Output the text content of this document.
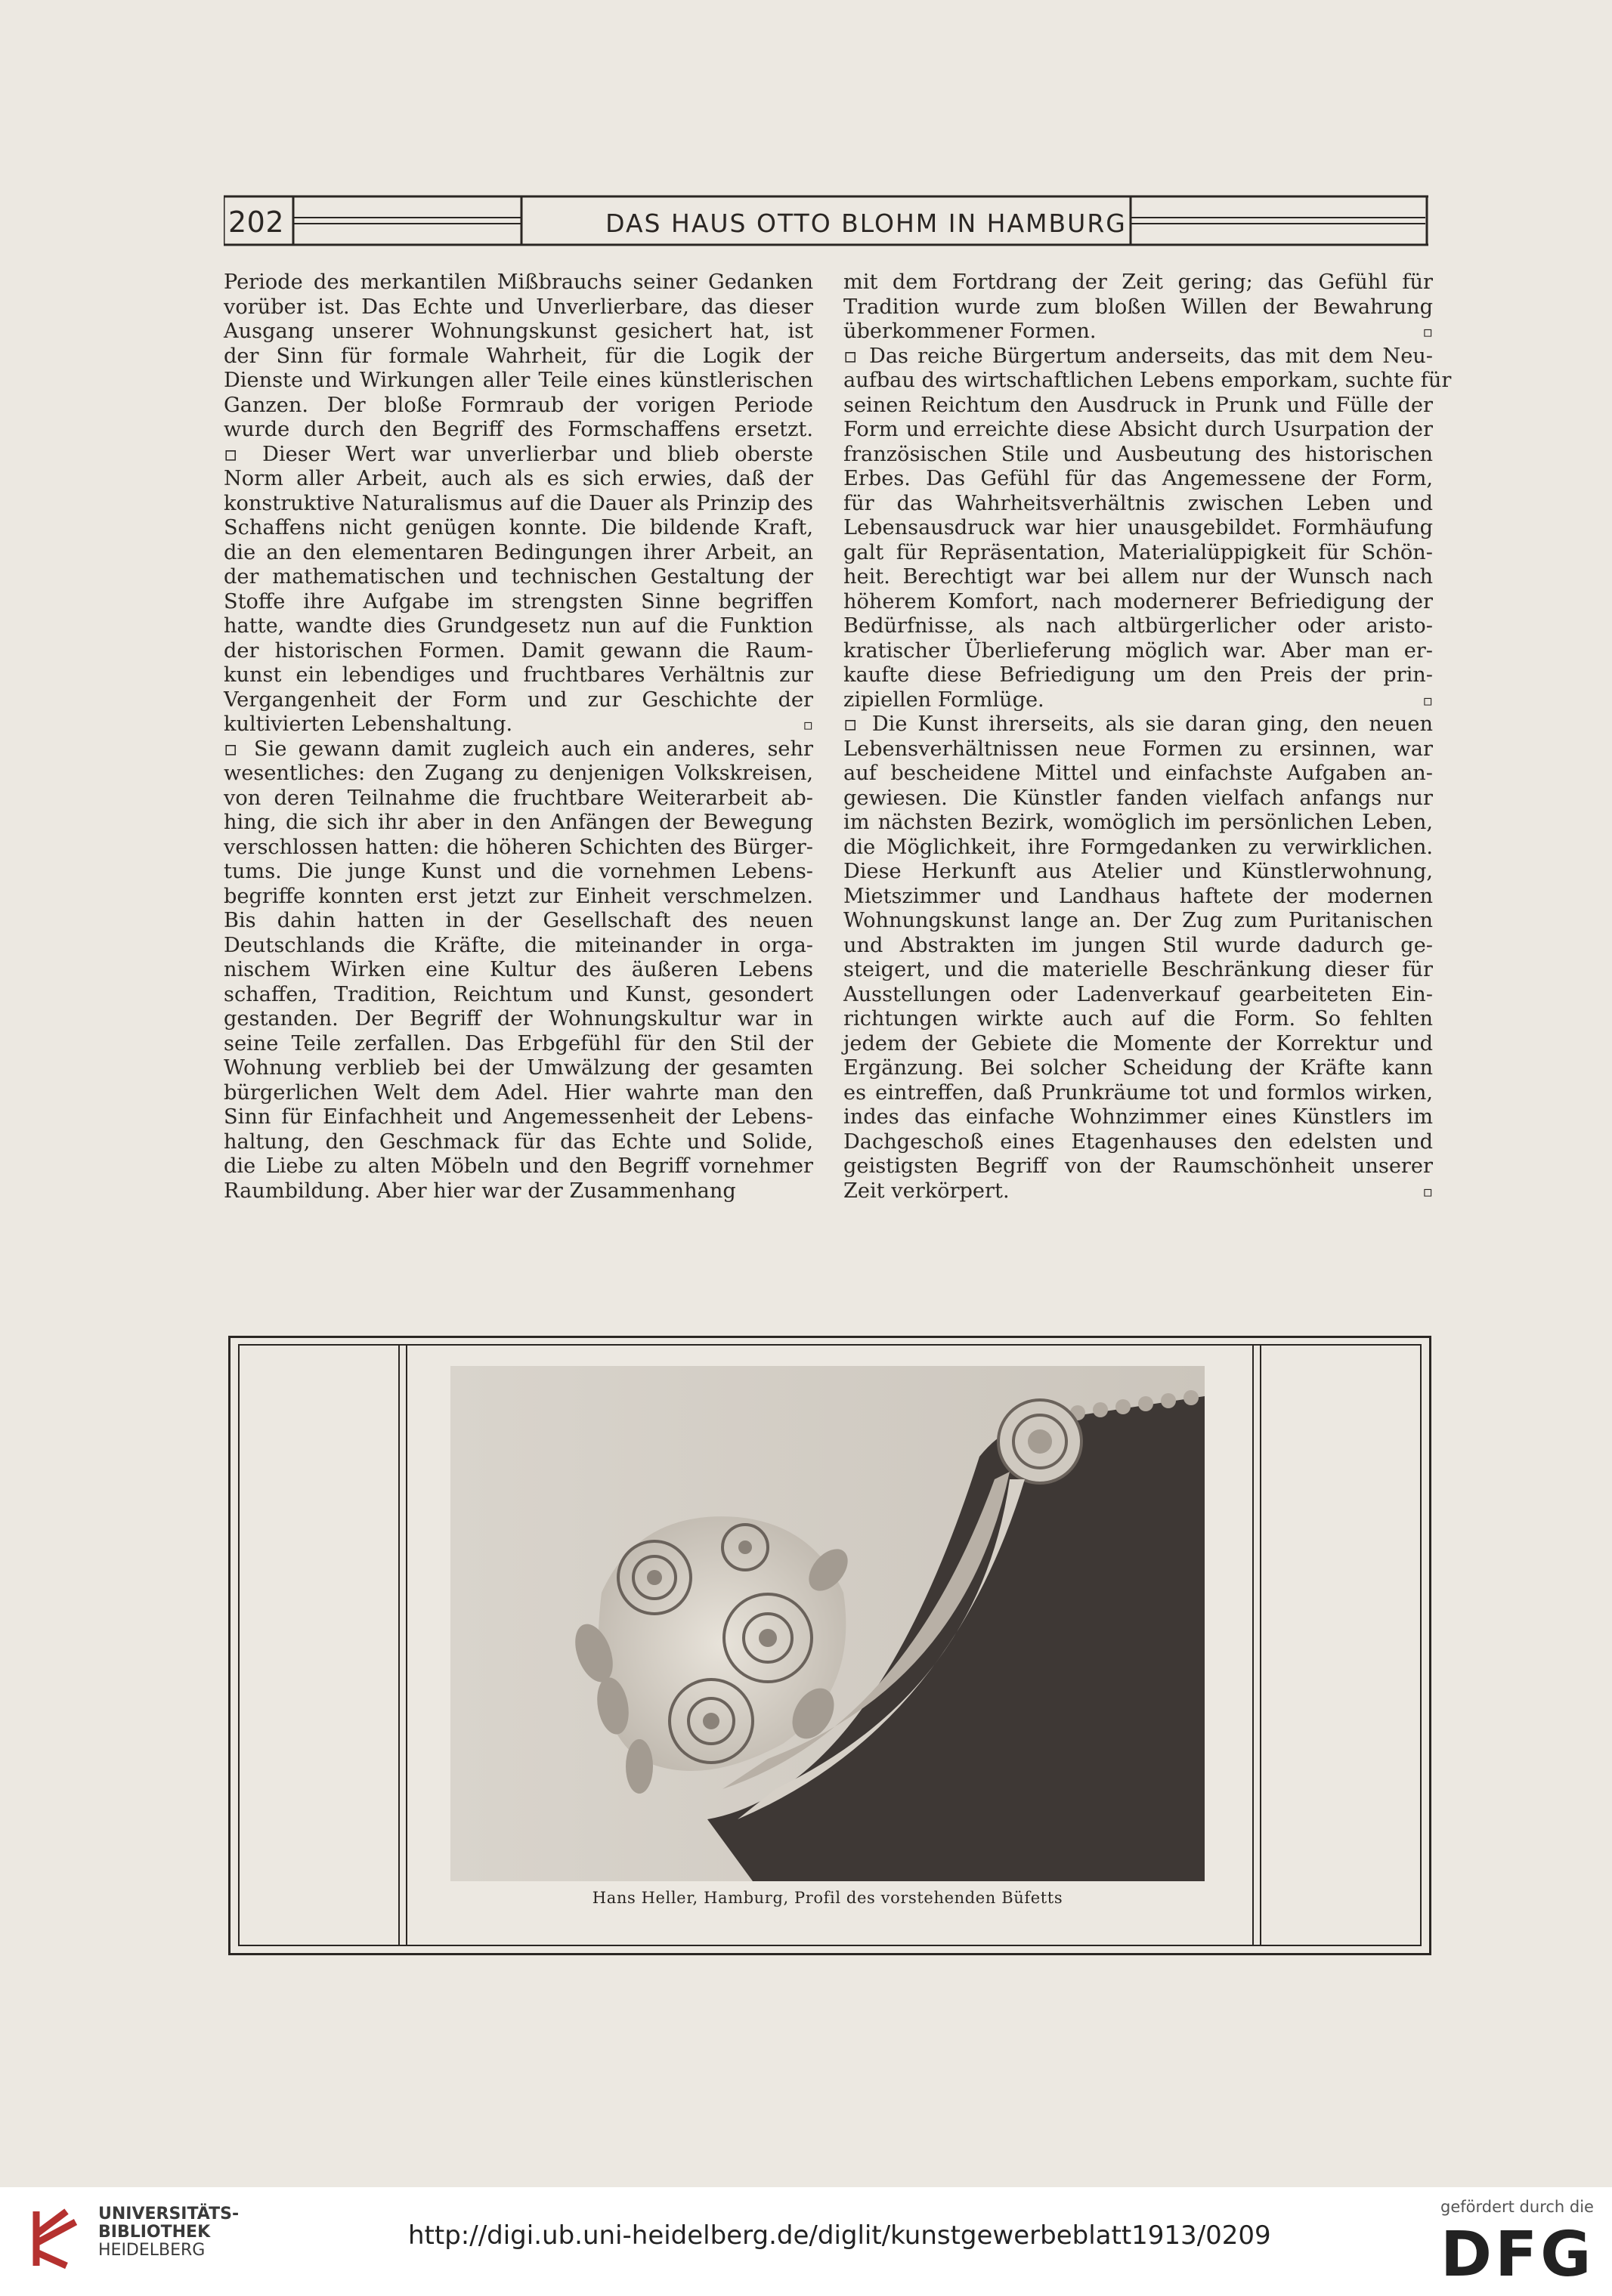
202	DAS HAUS OTTO BLOHM IN HAMBURG
Periode des merkantilen Mißbrauchs seiner Gedanken
vorüber ist. Das Echte und Unverlierbare, das dieser
Ausgang unserer Wohnungskunst gesichert hat, ist
der Sinn für formale Wahrheit, für die Logik der
Dienste und Wirkungen aller Teile eines künstlerischen
Ganzen. Der bloße Formraub der vorigen Periode
wurde durch den Begriff des Formschaffens ersetzt.
▫ Dieser Wert war unverlierbar und blieb oberste
Norm aller Arbeit, auch als es sich erwies, daß der
konstruktive Naturalismus auf die Dauer als Prinzip des
Schaffens nicht genügen konnte. Die bildende Kraft,
die an den elementaren Bedingungen ihrer Arbeit, an
der mathematischen und technischen Gestaltung der
Stoffe ihre Aufgabe im strengsten Sinne begriffen
hatte, wandte dies Grundgesetz nun auf die Funktion
der historischen Formen. Damit gewann die Raum-
kunst ein lebendiges und fruchtbares Verhältnis zur
Vergangenheit der Form und zur Geschichte der
▫
kultivierten Lebenshaltung.
▫ Sie gewann damit zugleich auch ein anderes, sehr
wesentliches: den Zugang zu denjenigen Volkskreisen,
von deren Teilnahme die fruchtbare Weiterarbeit ab-
hing, die sich ihr aber in den Anfängen der Bewegung
verschlossen hatten: die höheren Schichten des Bürger-
tums. Die junge Kunst und die vornehmen Lebens-
begriffe konnten erst jetzt zur Einheit verschmelzen.
Bis dahin hatten in der Gesellschaft des neuen
Deutschlands die Kräfte, die miteinander in orga-
nischem Wirken eine Kultur des äußeren Lebens
schaffen, Tradition, Reichtum und Kunst, gesondert
gestanden. Der Begriff der Wohnungskultur war in
seine Teile zerfallen. Das Erbgefühl für den Stil der
Wohnung verblieb bei der Umwälzung der gesamten
bürgerlichen Welt dem Adel. Hier wahrte man den
Sinn für Einfachheit und Angemessenheit der Lebens-
haltung, den Geschmack für das Echte und Solide,
die Liebe zu alten Möbeln und den Begriff vornehmer
Raumbildung. Aber hier war der Zusammenhang
mit dem Fortdrang der Zeit gering; das Gefühl für
Tradition wurde zum bloßen Willen der Bewahrung
▫
überkommener Formen.
▫ Das reiche Bürgertum anderseits, das mit dem Neu-
aufbau des wirtschaftlichen Lebens emporkam, suchte für
seinen Reichtum den Ausdruck in Prunk und Fülle der
Form und erreichte diese Absicht durch Usurpation der
französischen Stile und Ausbeutung des historischen
Erbes. Das Gefühl für das Angemessene der Form,
für das Wahrheitsverhältnis zwischen Leben und
Lebensausdruck war hier unausgebildet. Formhäufung
galt für Repräsentation, Materialüppigkeit für Schön-
heit. Berechtigt war bei allem nur der Wunsch nach
höherem Komfort, nach modernerer Befriedigung der
Bedürfnisse, als nach altbürgerlicher oder aristo-
kratischer Überlieferung möglich war. Aber man er-
kaufte diese Befriedigung um den Preis der prin-
▫
zipiellen Formlüge.
▫ Die Kunst ihrerseits, als sie daran ging, den neuen
Lebensverhältnissen neue Formen zu ersinnen, war
auf bescheidene Mittel und einfachste Aufgaben an-
gewiesen. Die Künstler fanden vielfach anfangs nur
im nächsten Bezirk, womöglich im persönlichen Leben,
die Möglichkeit, ihre Formgedanken zu verwirklichen.
Diese Herkunft aus Atelier und Künstlerwohnung,
Mietszimmer und Landhaus haftete der modernen
Wohnungskunst lange an. Der Zug zum Puritanischen
und Abstrakten im jungen Stil wurde dadurch ge-
steigert, und die materielle Beschränkung dieser für
Ausstellungen oder Ladenverkauf gearbeiteten Ein-
richtungen wirkte auch auf die Form. So fehlten
jedem der Gebiete die Momente der Korrektur und
Ergänzung. Bei solcher Scheidung der Kräfte kann
es eintreffen, daß Prunkräume tot und formlos wirken,
indes das einfache Wohnzimmer eines Künstlers im
Dachgeschoß eines Etagenhauses den edelsten und
geistigsten Begriff von der Raumschönheit unserer
▫
Zeit verkörpert.
Hans Heller, Hamburg, Profil des vorstehenden Büfetts
UNIVERSITÄTS-
BIBLIOTHEK
HEIDELBERG	http://digi.ub.uni-heidelberg.de/diglit/kunstgewerbeblatt1913/0209
gefördert durch die
DFG
